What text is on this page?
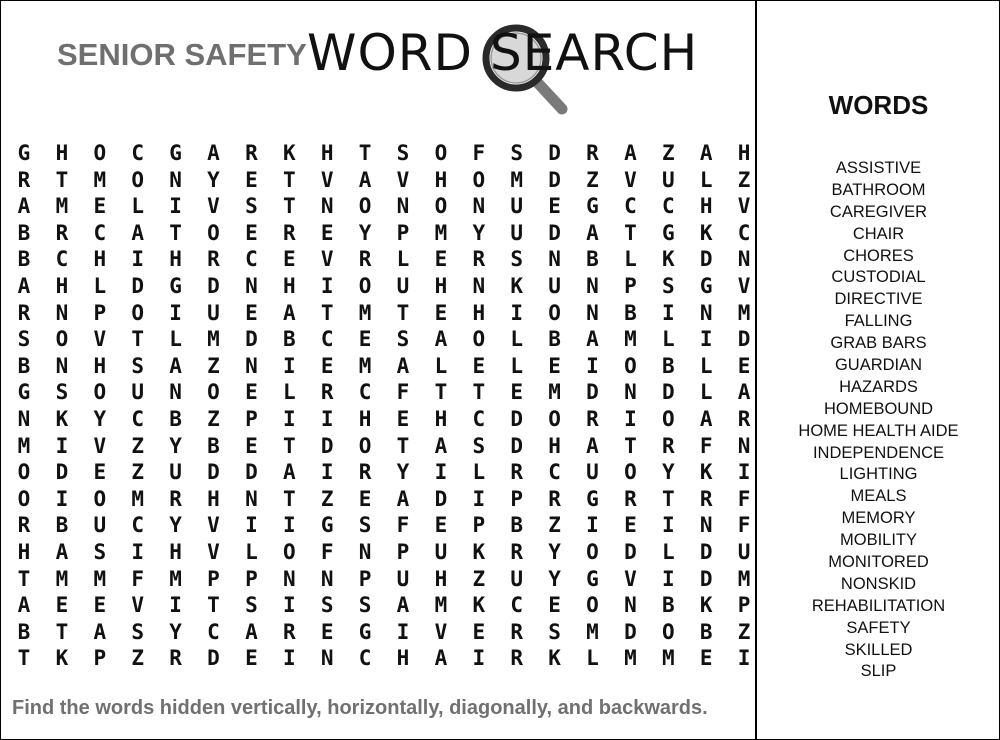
SENIOR SAFETY WORD SEARCH
G	H	O	C	G	A	R	K	H	T	S	O	F	S	D	R	A	Z	A	H
R	T	M	O	N	Y	E	T	V	A	V	H	O	M	D	Z	V	U	L	Z
A	M	E	L	I	V	S	T	N	O	N	O	N	U	E	G	C	C	H	V
B	R	C	A	T	O	E	R	E	Y	P	M	Y	U	D	A	T	G	K	C
B	C	H	I	H	R	C	E	V	R	L	E	R	S	N	B	L	K	D	N
A	H	L	D	G	D	N	H	I	O	U	H	N	K	U	N	P	S	G	V
R	N	P	O	I	U	E	A	T	M	T	E	H	I	O	N	B	I	N	M
S	O	V	T	L	M	D	B	C	E	S	A	O	L	B	A	M	L	I	D
B	N	H	S	A	Z	N	I	E	M	A	L	E	L	E	I	O	B	L	E
G	S	O	U	N	O	E	L	R	C	F	T	T	E	M	D	N	D	L	A
N	K	Y	C	B	Z	P	I	I	H	E	H	C	D	O	R	I	O	A	R
M	I	V	Z	Y	B	E	T	D	O	T	A	S	D	H	A	T	R	F	N
O	D	E	Z	U	D	D	A	I	R	Y	I	L	R	C	U	O	Y	K	I
O	I	O	M	R	H	N	T	Z	E	A	D	I	P	R	G	R	T	R	F
R	B	U	C	Y	V	I	I	G	S	F	E	P	B	Z	I	E	I	N	F
H	A	S	I	H	V	L	O	F	N	P	U	K	R	Y	O	D	L	D	U
T	M	M	F	M	P	P	N	N	P	U	H	Z	U	Y	G	V	I	D	M
A	E	E	V	I	T	S	I	S	S	A	M	K	C	E	O	N	B	K	P
B	T	A	S	Y	C	A	R	E	G	I	V	E	R	S	M	D	O	B	Z
T	K	P	Z	R	D	E	I	N	C	H	A	I	R	K	L	M	M	E	I
Find the words hidden vertically, horizontally, diagonally, and backwards.
WORDS
ASSISTIVE
BATHROOM
CAREGIVER
CHAIR
CHORES
CUSTODIAL
DIRECTIVE
FALLING
GRAB BARS
GUARDIAN
HAZARDS
HOMEBOUND
HOME HEALTH AIDE
INDEPENDENCE
LIGHTING
MEALS
MEMORY
MOBILITY
MONITORED
NONSKID
REHABILITATION
SAFETY
SKILLED
SLIP
